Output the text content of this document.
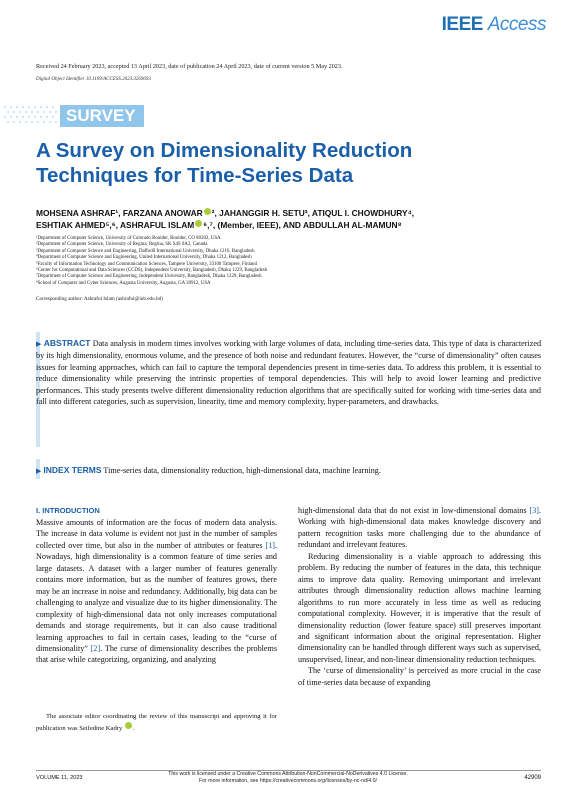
IEEE Access
Received 24 February 2023, accepted 13 April 2023, date of publication 24 April 2023, date of current version 5 May 2023.
Digital Object Identifier 10.1109/ACCESS.2023.3269693
SURVEY
A Survey on Dimensionality Reduction Techniques for Time-Series Data
MOHSENA ASHRAF¹, FARZANA ANOWAR ², JAHANGGIR H. SETU³, ATIQUL I. CHOWDHURY⁴,
ESHTIAK AHMED⁵,⁶, ASHRAFUL ISLAM ⁶,⁷, (Member, IEEE), AND ABDULLAH AL-MAMUN⁸
¹Department of Computer Science, University of Colorado Boulder, Boulder, CO 80302, USA
²Department of Computer Science, University of Regina, Regina, SK S4S 0A2, Canada
³Department of Computer Science and Engineering, Daffodil International University, Dhaka 1216, Bangladesh
⁴Department of Computer Science and Engineering, United International University, Dhaka 1212, Bangladesh
⁵Faculty of Information Technology and Communication Sciences, Tampere University, 33100 Tampere, Finland
⁶Center for Computational and Data Sciences (CCDS), Independent University, Bangladesh, Dhaka 1229, Bangladesh
⁷Department of Computer Science and Engineering, Independent University, Bangladesh, Dhaka 1229, Bangladesh
⁸School of Computer and Cyber Sciences, Augusta University, Augusta, GA 30912, USA
Corresponding author: Ashraful Islam (ashraful@iub.edu.bd)
▶ ABSTRACT Data analysis in modern times involves working with large volumes of data, including time-series data. This type of data is characterized by its high dimensionality, enormous volume, and the presence of both noise and redundant features. However, the “curse of dimensionality” often causes issues for learning approaches, which can fail to capture the temporal dependencies present in time-series data. To address this problem, it is essential to reduce dimensionality while preserving the intrinsic properties of temporal dependencies. This will help to avoid lower learning and predictive performances. This study presents twelve different dimensionality reduction algorithms that are specifically suited for working with time-series data and fall into different categories, such as supervision, linearity, time and memory complexity, hyper-parameters, and drawbacks.
▶ INDEX TERMS Time-series data, dimensionality reduction, high-dimensional data, machine learning.
I. INTRODUCTION

Massive amounts of information are the focus of modern data analysis. The increase in data volume is evident not just in the number of samples collected over time, but also in the number of attributes or features [1]. Nowadays, high dimensionality is a common feature of time series and large datasets. A dataset with a larger number of features generally contains more information, but as the number of features grows, there may be an increase in noise and redundancy. Additionally, big data can be challenging to analyze and visualize due to its higher dimensionality. The complexity of high-dimensional data not only increases computational demands and storage requirements, but it can also cause traditional learning approaches to fail in certain cases, leading to the “curse of dimensionality” [2]. The curse of dimensionality describes the problems that arise while categorizing, organizing, and analyzing

The associate editor coordinating the review of this manuscript and approving it for publication was Seifedine Kadry .

high-dimensional data that do not exist in low-dimensional domains [3]. Working with high-dimensional data makes knowledge discovery and pattern recognition tasks more challenging due to the abundance of redundant and irrelevant features.

Reducing dimensionality is a viable approach to addressing this problem. By reducing the number of features in the data, this technique aims to improve data quality. Removing unimportant and irrelevant attributes through dimensionality reduction allows machine learning algorithms to run more accurately in less time as well as reducing computational complexity. However, it is imperative that the result of dimensionality reduction (lower feature space) still preserves important and significant information about the original representation. Higher dimensionality can be handled through different ways such as supervised, unsupervised, linear, and non-linear dimensionality reduction techniques.

The ‘curse of dimensionality’ is perceived as more crucial in the case of time-series data because of expanding

This work is licensed under a Creative Commons Attribution-NonCommercial-NoDerivatives 4.0 License.
For more information, see https://creativecommons.org/licenses/by-nc-nd/4.0/
VOLUME 11, 2023	42909
